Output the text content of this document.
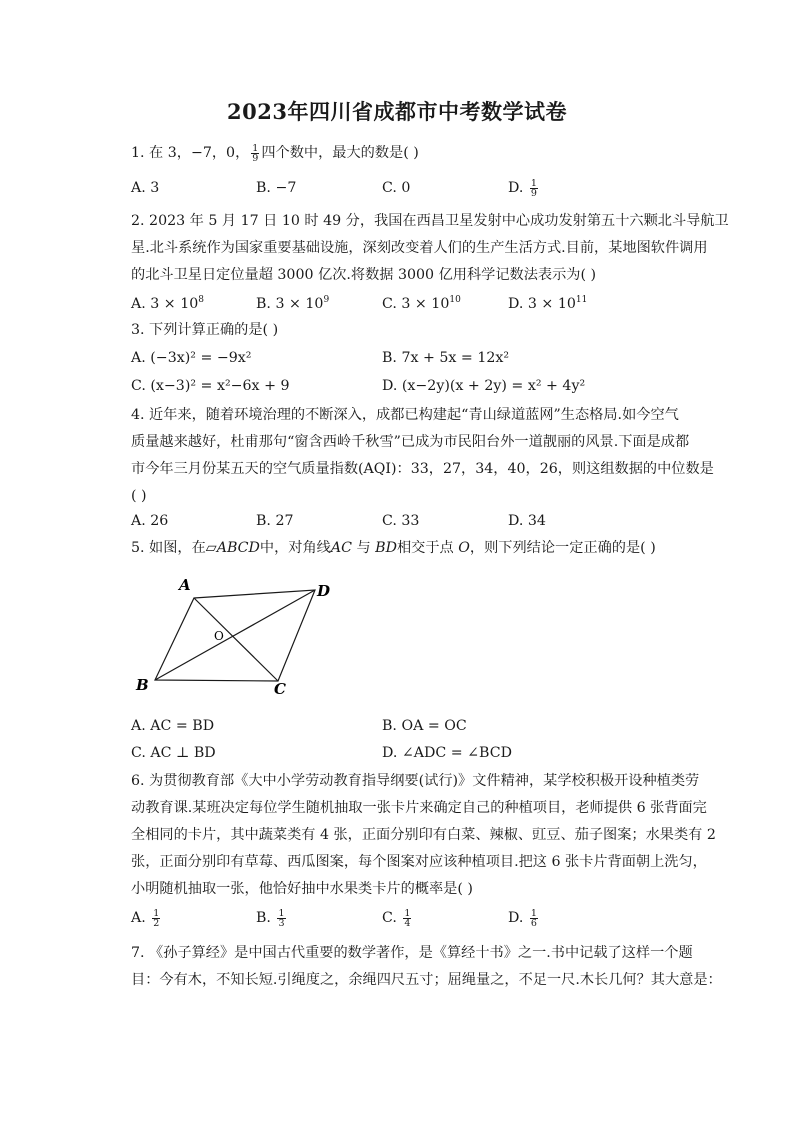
2023年四川省成都市中考数学试卷
1. 在 3，−7，0， $\frac{1}{9}$ 四个数中，最大的数是( )
A. 3	B. −7	C. 0	D. $\frac{1}{9}$
2. 2023 年 5 月 17 日 10 时 49 分，我国在西昌卫星发射中心成功发射第五十六颗北斗导航卫
星.北斗系统作为国家重要基础设施，深刻改变着人们的生产生活方式.目前，某地图软件调用
的北斗卫星日定位量超 3000 亿次.将数据 3000 亿用科学记数法表示为( )
A. $3 \times 10^8$	B. $3 \times 10^9$	C. $3 \times 10^{10}$	D. $3 \times 10^{11}$
3. 下列计算正确的是( )
A. (−3x)² = −9x²	B. 7x + 5x = 12x²
C. (x−3)² = x²−6x + 9	D. (x−2y)(x + 2y) = x² + 4y²
4. 近年来，随着环境治理的不断深入，成都已构建起“青山绿道蓝网”生态格局.如今空气
质量越来越好，杜甫那句“窗含西岭千秋雪”已成为市民阳台外一道靓丽的风景.下面是成都
市今年三月份某五天的空气质量指数(AQI)：33，27，34，40，26，则这组数据的中位数是
( )
A. 26	B. 27	C. 33	D. 34
5. 如图，在▱ABCD中，对角线AC 与 BD相交于点 O，则下列结论一定正确的是( )
A	D
B	C
O
A. AC = BD	B. OA = OC
C. AC ⊥ BD	D. ∠ADC = ∠BCD
6. 为贯彻教育部《大中小学劳动教育指导纲要(试行)》文件精神，某学校积极开设种植类劳
动教育课.某班决定每位学生随机抽取一张卡片来确定自己的种植项目，老师提供 6 张背面完
全相同的卡片，其中蔬菜类有 4 张，正面分别印有白菜、辣椒、豇豆、茄子图案；水果类有 2
张，正面分别印有草莓、西瓜图案，每个图案对应该种植项目.把这 6 张卡片背面朝上洗匀，
小明随机抽取一张，他恰好抽中水果类卡片的概率是( )
A. $\frac{1}{2}$	B. $\frac{1}{3}$	C. $\frac{1}{4}$	D. $\frac{1}{6}$
7. 《孙子算经》是中国古代重要的数学著作，是《算经十书》之一.书中记载了这样一个题
目：今有木，不知长短.引绳度之，余绳四尺五寸；屈绳量之，不足一尺.木长几何？其大意是：
